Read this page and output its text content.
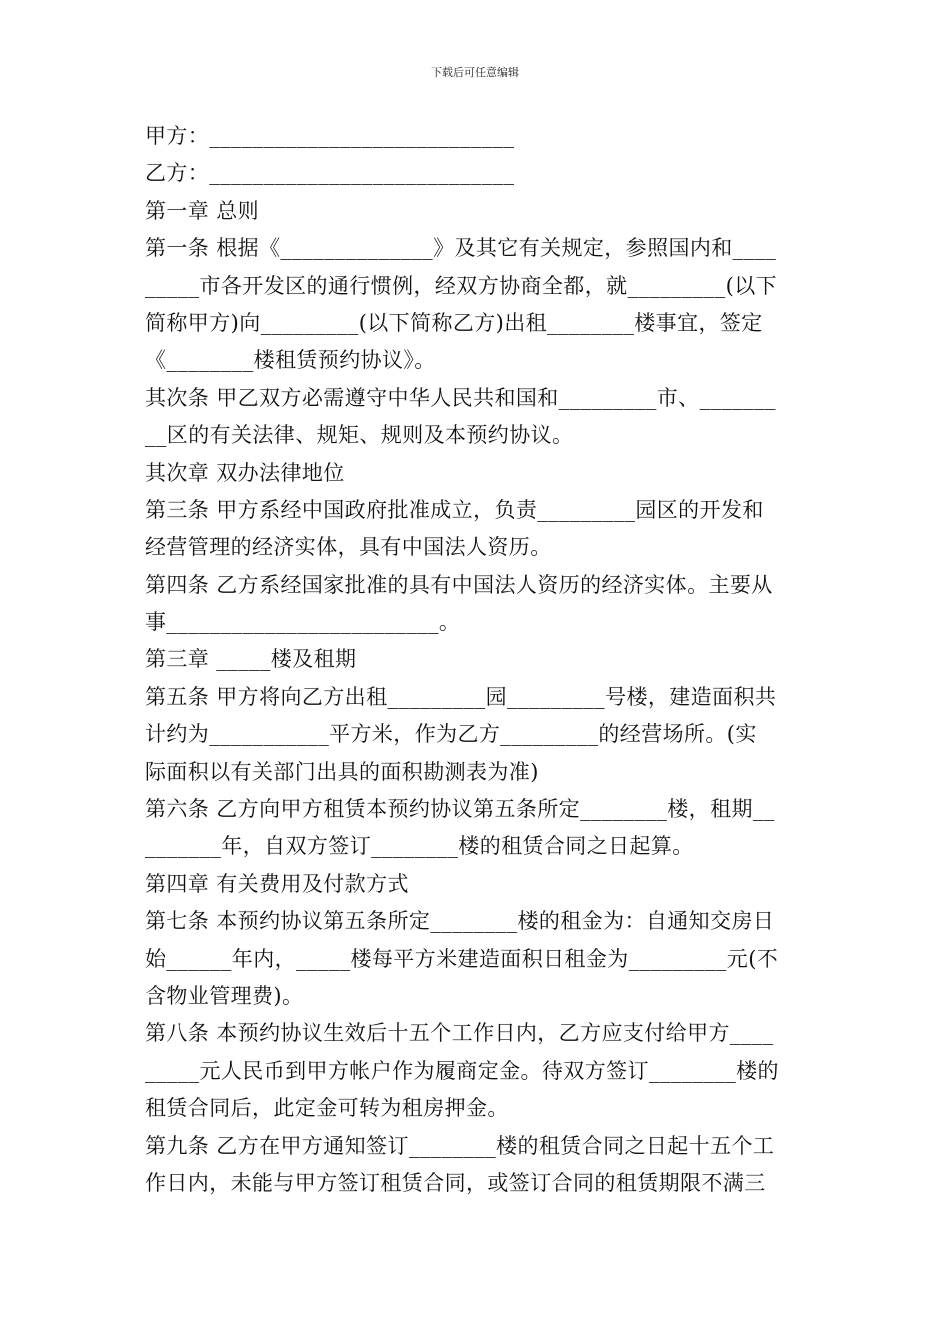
下载后可任意编辑
甲方：____________________________
乙方：____________________________
第一章 总则
第一条 根据《______________》及其它有关规定，参照国内和____
_____市各开发区的通行惯例，经双方协商全都，就_________(以下
简称甲方)向_________(以下简称乙方)出租________楼事宜，签定
《________楼租赁预约协议》。
其次条 甲乙双方必需遵守中华人民共和国和_________市、_______
__区的有关法律、规矩、规则及本预约协议。
其次章 双办法律地位
第三条 甲方系经中国政府批准成立，负责_________园区的开发和
经营管理的经济实体，具有中国法人资历。
第四条 乙方系经国家批准的具有中国法人资历的经济实体。主要从
事_________________________。
第三章 _____楼及租期
第五条 甲方将向乙方出租_________园_________号楼，建造面积共
计约为___________平方米，作为乙方_________的经营场所。(实
际面积以有关部门出具的面积勘测表为准)
第六条 乙方向甲方租赁本预约协议第五条所定________楼，租期__
_______年，自双方签订________楼的租赁合同之日起算。
第四章 有关费用及付款方式
第七条 本预约协议第五条所定________楼的租金为：自通知交房日
始______年内，_____楼每平方米建造面积日租金为_________元(不
含物业管理费)。
第八条 本预约协议生效后十五个工作日内，乙方应支付给甲方____
_____元人民币到甲方帐户作为履商定金。待双方签订________楼的
租赁合同后，此定金可转为租房押金。
第九条 乙方在甲方通知签订________楼的租赁合同之日起十五个工
作日内，未能与甲方签订租赁合同，或签订合同的租赁期限不满三
